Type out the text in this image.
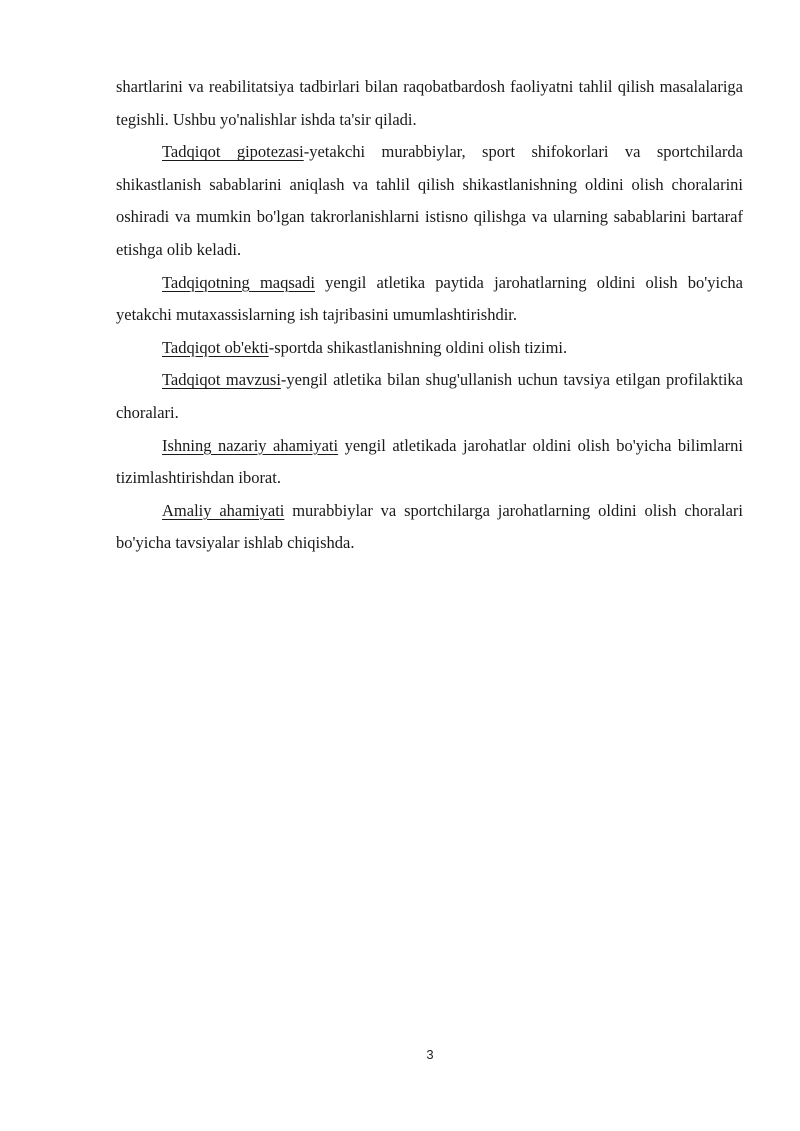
shartlarini va reabilitatsiya tadbirlari bilan raqobatbardosh faoliyatni tahlil qilish masalalariga tegishli. Ushbu yo'nalishlar ishda ta'sir qiladi.

Tadqiqot gipotezasi-yetakchi murabbiylar, sport shifokorlari va sportchilarda shikastlanish sabablarini aniqlash va tahlil qilish shikastlanishning oldini olish choralarini oshiradi va mumkin bo'lgan takrorlanishlarni istisno qilishga va ularning sabablarini bartaraf etishga olib keladi.

Tadqiqotning maqsadi yengil atletika paytida jarohatlarning oldini olish bo'yicha yetakchi mutaxassislarning ish tajribasini umumlashtirishdir.

Tadqiqot ob'ekti-sportda shikastlanishning oldini olish tizimi.

Tadqiqot mavzusi-yengil atletika bilan shug'ullanish uchun tavsiya etilgan profilaktika choralari.

Ishning nazariy ahamiyati yengil atletikada jarohatlar oldini olish bo'yicha bilimlarni tizimlashtirishdan iborat.

Amaliy ahamiyati murabbiylar va sportchilarga jarohatlarning oldini olish choralari bo'yicha tavsiyalar ishlab chiqishda.

3
